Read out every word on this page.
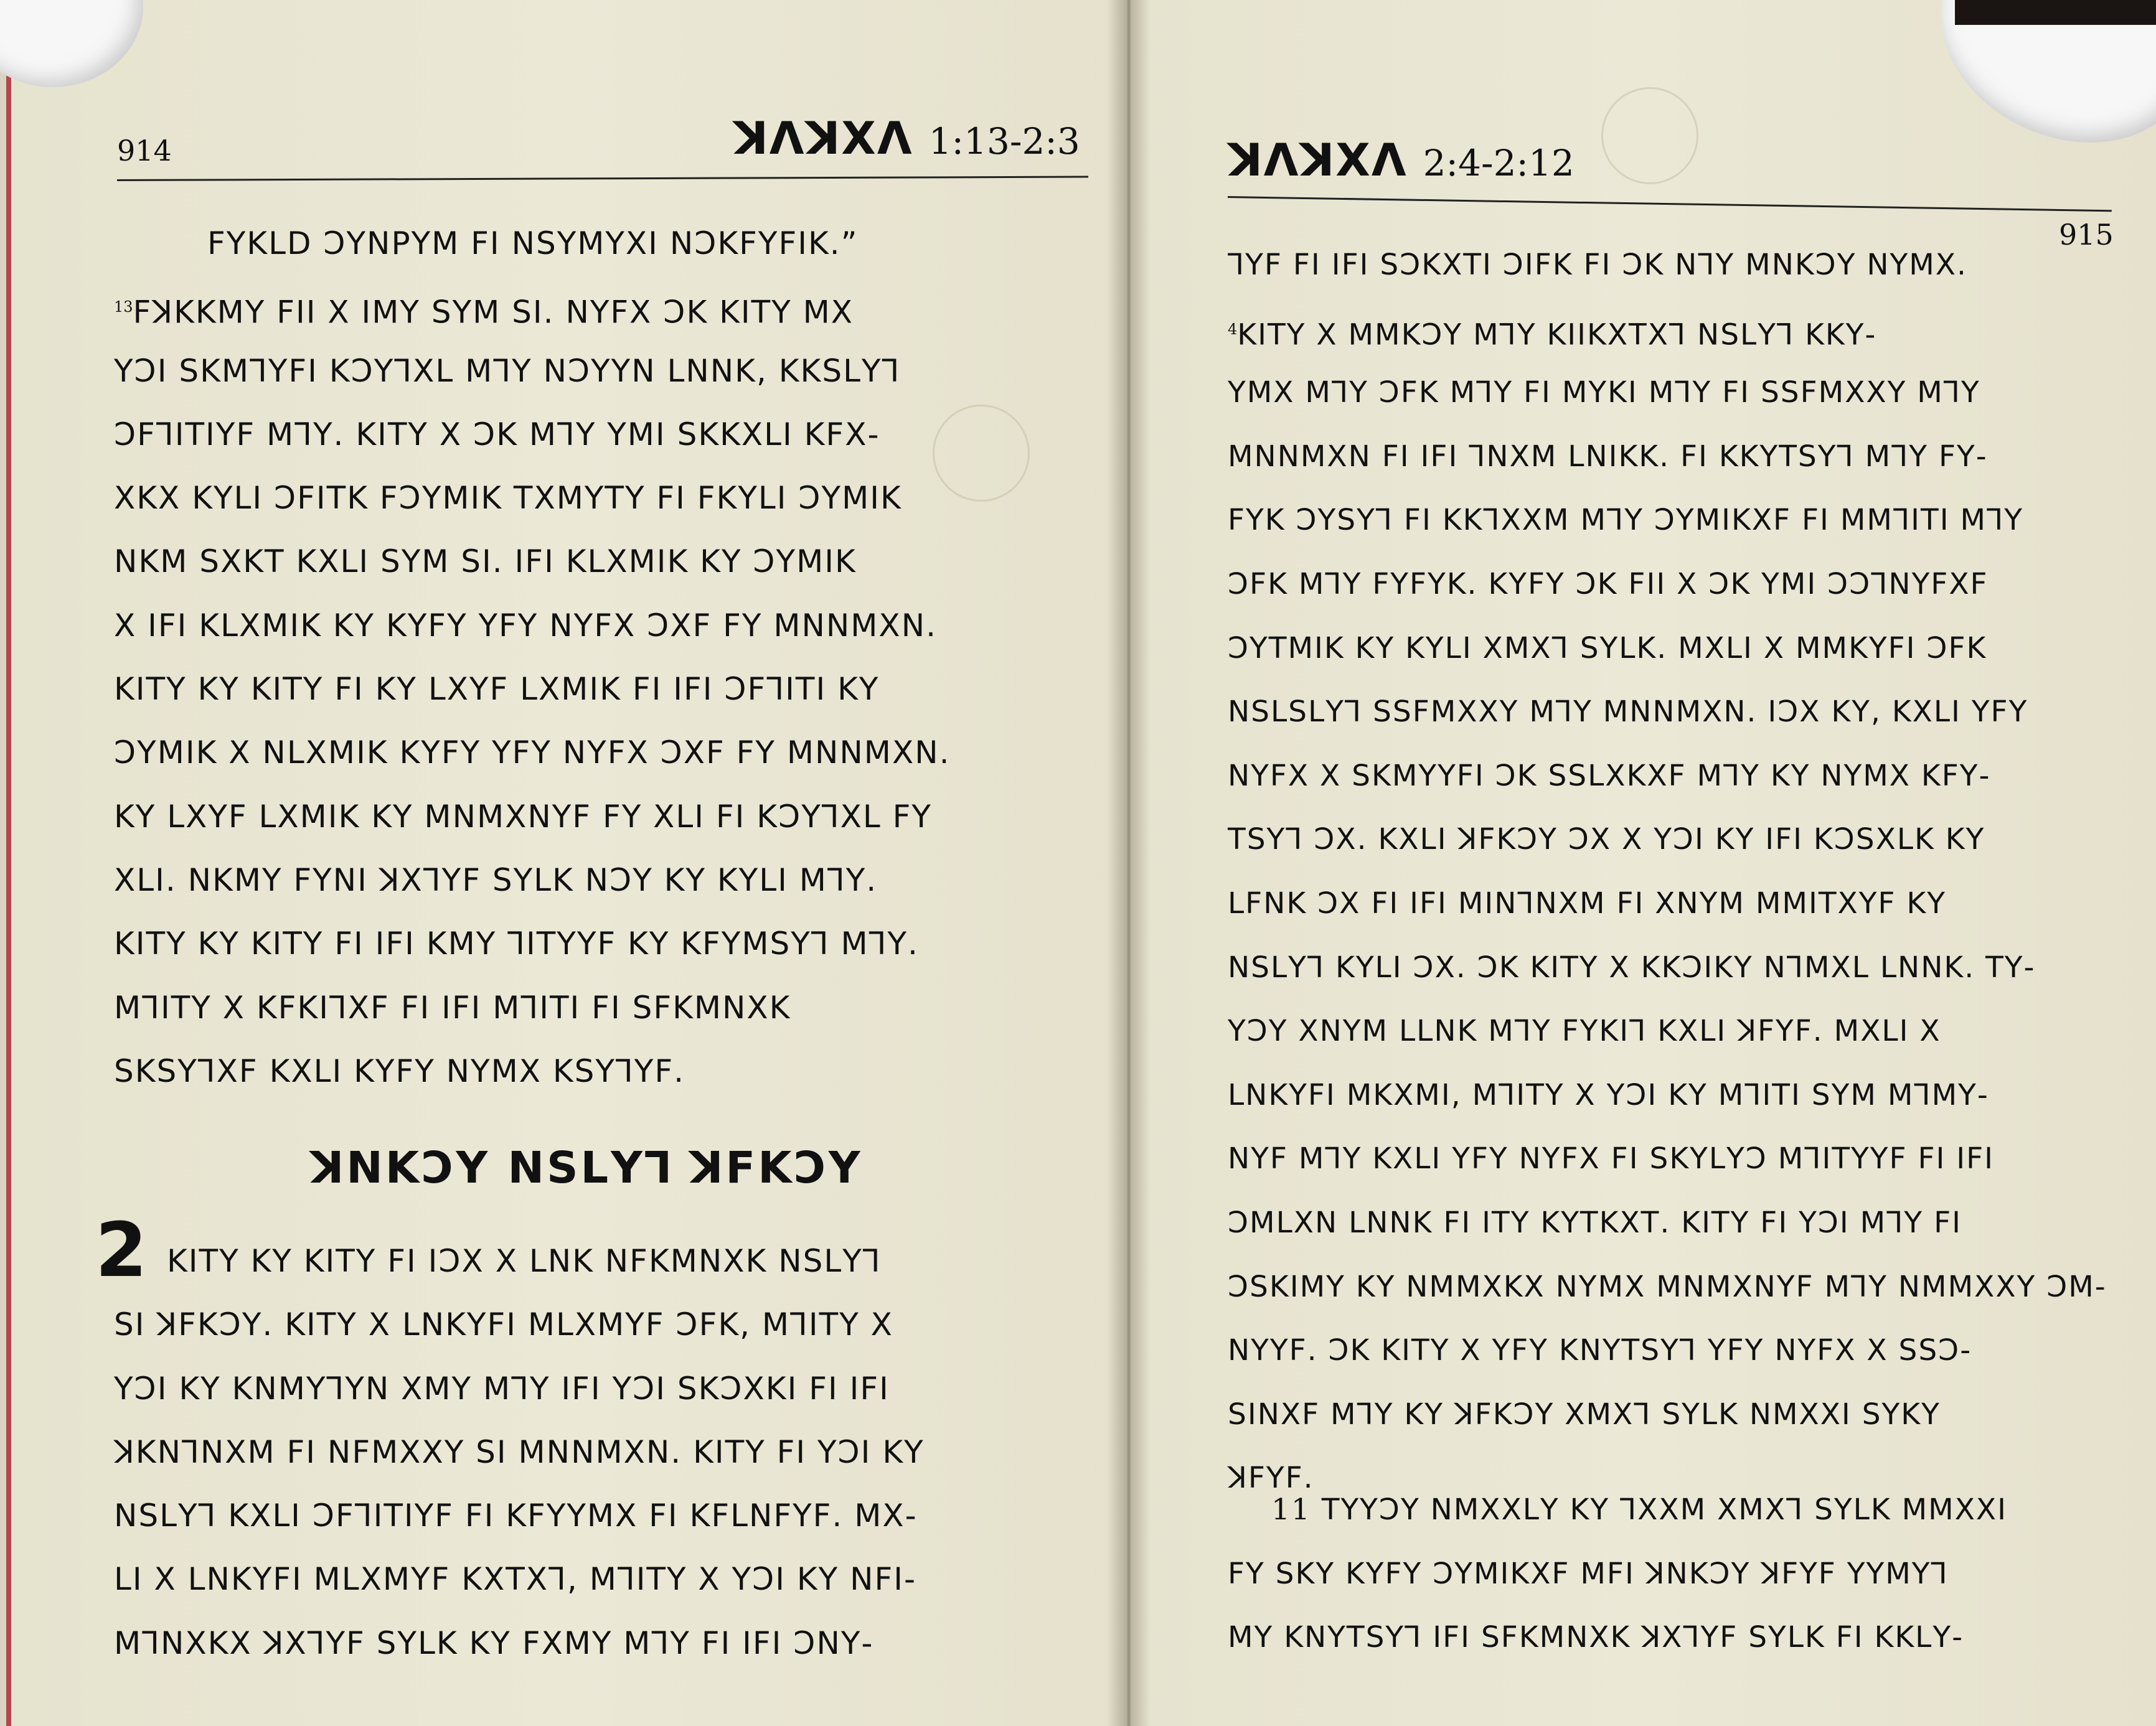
914	ꓘꓥꓘꓫꓥ 1:13-2:3
ꓝꓬꓗꓡꓓ ꓛꓬꓠꓑꓬꓟ ꓝꓲ ꓠꓢꓬꓟꓬꓫꓲ ꓠꓛꓗꓝꓬꓝꓲꓗ.”
$^{13}$ꓝꓘꓗꓗꓟꓬ ꓝꓲꓲ ꓫ ꓲꓟꓬ ꓢꓬꓟ ꓢꓲ. ꓠꓬꓝꓫ ꓛꓗ ꓗꓲꓔꓬ ꓟꓫ
ꓬꓛꓲ ꓢꓗꓟꓶꓬꓝꓲ ꓗꓛꓬꓶꓫꓡ ꓟꓶꓬ ꓠꓛꓬꓬꓠ ꓡꓠꓠꓗ, ꓗꓗꓢꓡꓬꓶ
ꓛꓝꓶꓲꓔꓲꓬꓝ ꓟꓶꓬ. ꓗꓲꓔꓬ ꓫ ꓛꓗ ꓟꓶꓬ ꓬꓟꓲ ꓢꓗꓗꓫꓡꓲ ꓗꓝꓫ-
ꓫꓗꓫ ꓗꓬꓡꓲ ꓛꓝꓲꓔꓗ ꓝꓛꓬꓟꓲꓗ ꓔꓫꓟꓬꓔꓬ ꓝꓲ ꓝꓗꓬꓡꓲ ꓛꓬꓟꓲꓗ
ꓠꓗꓟ ꓢꓫꓗꓔ ꓗꓫꓡꓲ ꓢꓬꓟ ꓢꓲ. ꓲꓝꓲ ꓗꓡꓫꓟꓲꓗ ꓗꓬ ꓛꓬꓟꓲꓗ
ꓫ ꓲꓝꓲ ꓗꓡꓫꓟꓲꓗ ꓗꓬ ꓗꓬꓝꓬ ꓬꓝꓬ ꓠꓬꓝꓫ ꓛꓫꓝ ꓝꓬ ꓟꓠꓠꓟꓫꓠ.
ꓗꓲꓔꓬ ꓗꓬ ꓗꓲꓔꓬ ꓝꓲ ꓗꓬ ꓡꓫꓬꓝ ꓡꓫꓟꓲꓗ ꓝꓲ ꓲꓝꓲ ꓛꓝꓶꓲꓔꓲ ꓗꓬ
ꓛꓬꓟꓲꓗ ꓫ ꓠꓡꓫꓟꓲꓗ ꓗꓬꓝꓬ ꓬꓝꓬ ꓠꓬꓝꓫ ꓛꓫꓝ ꓝꓬ ꓟꓠꓠꓟꓫꓠ.
ꓗꓬ ꓡꓫꓬꓝ ꓡꓫꓟꓲꓗ ꓗꓬ ꓟꓠꓟꓫꓠꓬꓝ ꓝꓬ ꓫꓡꓲ ꓝꓲ ꓗꓛꓬꓶꓫꓡ ꓝꓬ
ꓫꓡꓲ. ꓠꓗꓟꓬ ꓝꓬꓠꓲ ꓘꓫꓶꓬꓝ ꓢꓬꓡꓗ ꓠꓛꓬ ꓗꓬ ꓗꓬꓡꓲ ꓟꓶꓬ.
ꓗꓲꓔꓬ ꓗꓬ ꓗꓲꓔꓬ ꓝꓲ ꓲꓝꓲ ꓗꓟꓬ ꓶꓲꓔꓬꓬꓝ ꓗꓬ ꓗꓝꓬꓟꓢꓬꓶ ꓟꓶꓬ.
ꓟꓶꓲꓔꓬ ꓫ ꓗꓝꓗꓲꓶꓫꓝ ꓝꓲ ꓲꓝꓲ ꓟꓶꓲꓔꓲ ꓝꓲ ꓢꓝꓗꓟꓠꓫꓗ
ꓢꓗꓢꓬꓶꓫꓝ ꓗꓫꓡꓲ ꓗꓬꓝꓬ ꓠꓬꓟꓫ ꓗꓢꓬꓶꓬꓝ.
ꓘꓠꓗꓛꓬ ꓠꓢꓡꓬꓶ ꓘꓝꓗꓛꓬ
2 ꓗꓲꓔꓬ ꓗꓬ ꓗꓲꓔꓬ ꓝꓲ ꓲꓛꓫ ꓫ ꓡꓠꓗ ꓠꓝꓗꓟꓠꓫꓗ ꓠꓢꓡꓬꓶ
ꓢꓲ ꓘꓝꓗꓛꓬ. ꓗꓲꓔꓬ ꓫ ꓡꓠꓗꓬꓝꓲ ꓟꓡꓫꓟꓬꓝ ꓛꓝꓗ, ꓟꓶꓲꓔꓬ ꓫ
ꓬꓛꓲ ꓗꓬ ꓗꓠꓟꓬꓶꓬꓠ ꓫꓟꓬ ꓟꓶꓬ ꓲꓝꓲ ꓬꓛꓲ ꓢꓗꓛꓫꓗꓲ ꓝꓲ ꓲꓝꓲ
ꓘꓗꓠꓶꓠꓫꓟ ꓝꓲ ꓠꓝꓟꓫꓫꓬ ꓢꓲ ꓟꓠꓠꓟꓫꓠ. ꓗꓲꓔꓬ ꓝꓲ ꓬꓛꓲ ꓗꓬ
ꓠꓢꓡꓬꓶ ꓗꓫꓡꓲ ꓛꓝꓶꓲꓔꓲꓬꓝ ꓝꓲ ꓗꓝꓬꓬꓟꓫ ꓝꓲ ꓗꓝꓡꓠꓝꓬꓝ. ꓟꓫ-
ꓡꓲ ꓫ ꓡꓠꓗꓬꓝꓲ ꓟꓡꓫꓟꓬꓝ ꓗꓫꓔꓫꓶ, ꓟꓶꓲꓔꓬ ꓫ ꓬꓛꓲ ꓗꓬ ꓠꓝꓲ-
ꓟꓶꓠꓫꓗꓫ ꓘꓫꓶꓬꓝ ꓢꓬꓡꓗ ꓗꓬ ꓝꓫꓟꓬ ꓟꓶꓬ ꓝꓲ ꓲꓝꓲ ꓛꓠꓬ-
ꓘꓥꓘꓫꓥ 2:4-2:12
915
ꓶꓬꓝ ꓝꓲ ꓲꓝꓲ ꓢꓛꓗꓫꓔꓲ ꓛꓲꓝꓗ ꓝꓲ ꓛꓗ ꓠꓶꓬ ꓟꓠꓗꓛꓬ ꓠꓬꓟꓫ.
$^4$ꓗꓲꓔꓬ ꓫ ꓟꓟꓗꓛꓬ ꓟꓶꓬ ꓗꓲꓲꓗꓫꓔꓫꓶ ꓠꓢꓡꓬꓶ ꓗꓗꓬ-
ꓬꓟꓫ ꓟꓶꓬ ꓛꓝꓗ ꓟꓶꓬ ꓝꓲ ꓟꓬꓗꓲ ꓟꓶꓬ ꓝꓲ ꓢꓢꓝꓟꓫꓫꓬ ꓟꓶꓬ
ꓟꓠꓠꓟꓫꓠ ꓝꓲ ꓲꓝꓲ ꓶꓠꓫꓟ ꓡꓠꓲꓗꓗ. ꓝꓲ ꓗꓗꓬꓔꓢꓬꓶ ꓟꓶꓬ ꓝꓬ-
ꓝꓬꓗ ꓛꓬꓢꓬꓶ ꓝꓲ ꓗꓗꓶꓫꓫꓟ ꓟꓶꓬ ꓛꓬꓟꓲꓗꓫꓝ ꓝꓲ ꓟꓟꓶꓲꓔꓲ ꓟꓶꓬ
ꓛꓝꓗ ꓟꓶꓬ ꓝꓬꓝꓬꓗ. ꓗꓬꓝꓬ ꓛꓗ ꓝꓲꓲ ꓫ ꓛꓗ ꓬꓟꓲ ꓛꓛꓶꓠꓬꓝꓫꓝ
ꓛꓬꓔꓟꓲꓗ ꓗꓬ ꓗꓬꓡꓲ ꓫꓟꓫꓶ ꓢꓬꓡꓗ. ꓟꓫꓡꓲ ꓫ ꓟꓟꓗꓬꓝꓲ ꓛꓝꓗ
ꓠꓢꓡꓢꓡꓬꓶ ꓢꓢꓝꓟꓫꓫꓬ ꓟꓶꓬ ꓟꓠꓠꓟꓫꓠ. ꓲꓛꓫ ꓗꓬ, ꓗꓫꓡꓲ ꓬꓝꓬ
ꓠꓬꓝꓫ ꓫ ꓢꓗꓟꓬꓬꓝꓲ ꓛꓗ ꓢꓢꓡꓫꓗꓫꓝ ꓟꓶꓬ ꓗꓬ ꓠꓬꓟꓫ ꓗꓝꓬ-
ꓔꓢꓬꓶ ꓛꓫ. ꓗꓫꓡꓲ ꓘꓝꓗꓛꓬ ꓛꓫ ꓫ ꓬꓛꓲ ꓗꓬ ꓲꓝꓲ ꓗꓛꓢꓫꓡꓗ ꓗꓬ
ꓡꓝꓠꓗ ꓛꓫ ꓝꓲ ꓲꓝꓲ ꓟꓲꓠꓶꓠꓫꓟ ꓝꓲ ꓫꓠꓬꓟ ꓟꓟꓲꓔꓫꓬꓝ ꓗꓬ
ꓠꓢꓡꓬꓶ ꓗꓬꓡꓲ ꓛꓫ. ꓛꓗ ꓗꓲꓔꓬ ꓫ ꓗꓗꓛꓲꓗꓬ ꓠꓶꓟꓫꓡ ꓡꓠꓠꓗ. ꓔꓬ-
ꓬꓛꓬ ꓫꓠꓬꓟ ꓡꓡꓠꓗ ꓟꓶꓬ ꓝꓬꓗꓲꓶ ꓗꓫꓡꓲ ꓘꓝꓬꓝ. ꓟꓫꓡꓲ ꓫ
ꓡꓠꓗꓬꓝꓲ ꓟꓗꓫꓟꓲ, ꓟꓶꓲꓔꓬ ꓫ ꓬꓛꓲ ꓗꓬ ꓟꓶꓲꓔꓲ ꓢꓬꓟ ꓟꓶꓟꓬ-
ꓠꓬꓝ ꓟꓶꓬ ꓗꓫꓡꓲ ꓬꓝꓬ ꓠꓬꓝꓫ ꓝꓲ ꓢꓗꓬꓡꓬꓛ ꓟꓶꓲꓔꓬꓬꓝ ꓝꓲ ꓲꓝꓲ
ꓛꓟꓡꓫꓠ ꓡꓠꓠꓗ ꓝꓲ ꓲꓔꓬ ꓗꓬꓔꓗꓫꓔ. ꓗꓲꓔꓬ ꓝꓲ ꓬꓛꓲ ꓟꓶꓬ ꓝꓲ
ꓛꓢꓗꓲꓟꓬ ꓗꓬ ꓠꓟꓟꓫꓗꓫ ꓠꓬꓟꓫ ꓟꓠꓟꓫꓠꓬꓝ ꓟꓶꓬ ꓠꓟꓟꓫꓫꓬ ꓛꓟ-
ꓠꓬꓬꓝ. ꓛꓗ ꓗꓲꓔꓬ ꓫ ꓬꓝꓬ ꓗꓠꓬꓔꓢꓬꓶ ꓬꓝꓬ ꓠꓬꓝꓫ ꓫ ꓢꓢꓛ-
ꓢꓲꓠꓫꓝ ꓟꓶꓬ ꓗꓬ ꓘꓝꓗꓛꓬ ꓫꓟꓫꓶ ꓢꓬꓡꓗ ꓠꓟꓫꓫꓲ ꓢꓬꓗꓬ
ꓘꓝꓬꓝ.
11 ꓔꓬꓬꓛꓬ ꓠꓟꓫꓫꓡꓬ ꓗꓬ ꓶꓫꓫꓟ ꓫꓟꓫꓶ ꓢꓬꓡꓗ ꓟꓟꓫꓫꓲ
ꓝꓬ ꓢꓗꓬ ꓗꓬꓝꓬ ꓛꓬꓟꓲꓗꓫꓝ ꓟꓝꓲ ꓘꓠꓗꓛꓬ ꓘꓝꓬꓝ ꓬꓬꓟꓬꓶ
ꓟꓬ ꓗꓠꓬꓔꓢꓬꓶ ꓲꓝꓲ ꓢꓝꓗꓟꓠꓫꓗ ꓘꓫꓶꓬꓝ ꓢꓬꓡꓗ ꓝꓲ ꓗꓗꓡꓬ-
